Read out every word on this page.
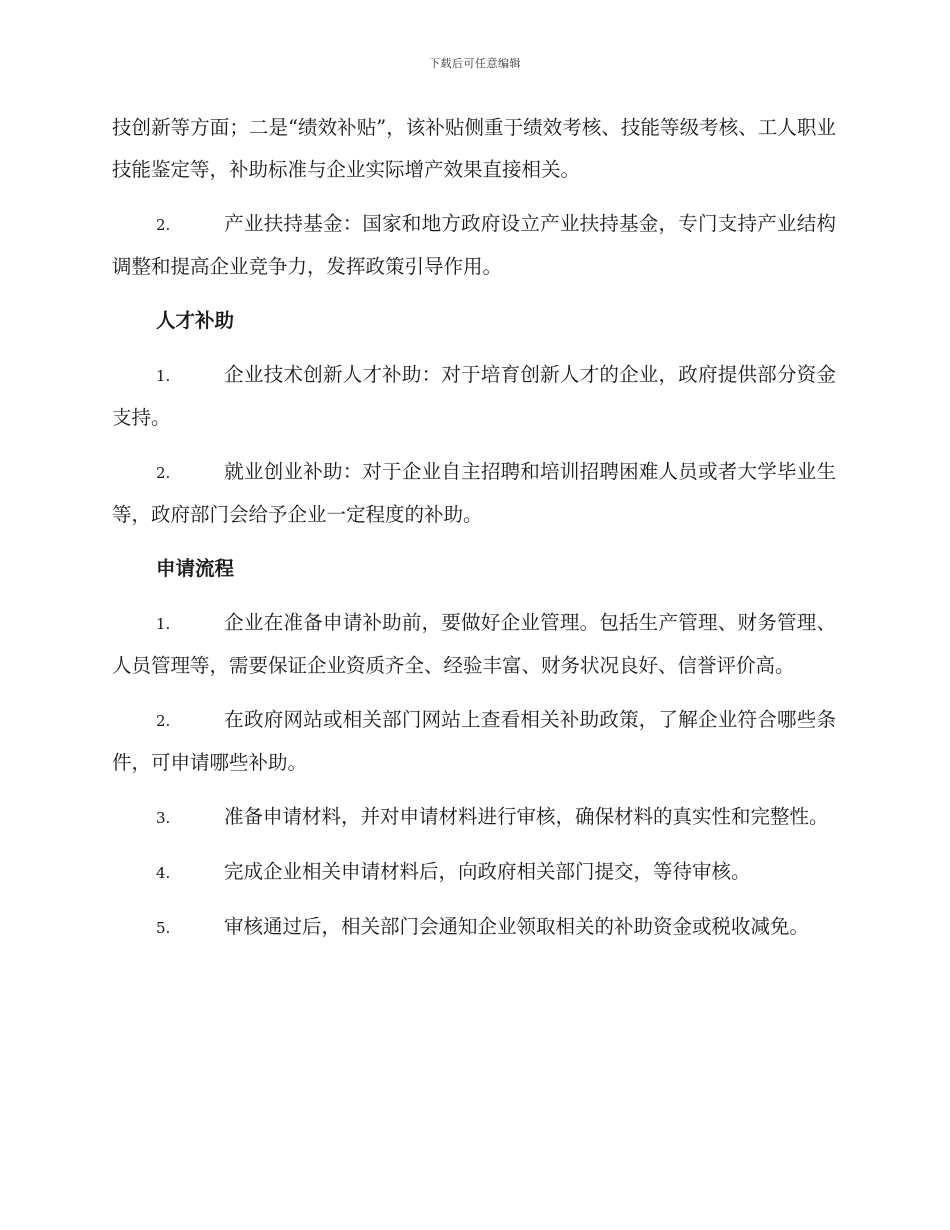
下载后可任意编辑

技创新等方面；二是“绩效补贴”，该补贴侧重于绩效考核、技能等级考核、工人职业技能鉴定等，补助标准与企业实际增产效果直接相关。

2.	产业扶持基金：国家和地方政府设立产业扶持基金，专门支持产业结构调整和提高企业竞争力，发挥政策引导作用。

人才补助

1.	企业技术创新人才补助：对于培育创新人才的企业，政府提供部分资金支持。

2.	就业创业补助：对于企业自主招聘和培训招聘困难人员或者大学毕业生等，政府部门会给予企业一定程度的补助。

申请流程

1.	企业在准备申请补助前，要做好企业管理。包括生产管理、财务管理、人员管理等，需要保证企业资质齐全、经验丰富、财务状况良好、信誉评价高。

2.	在政府网站或相关部门网站上查看相关补助政策，了解企业符合哪些条件，可申请哪些补助。

3.	准备申请材料，并对申请材料进行审核，确保材料的真实性和完整性。

4.	完成企业相关申请材料后，向政府相关部门提交，等待审核。

5.	审核通过后，相关部门会通知企业领取相关的补助资金或税收减免。
